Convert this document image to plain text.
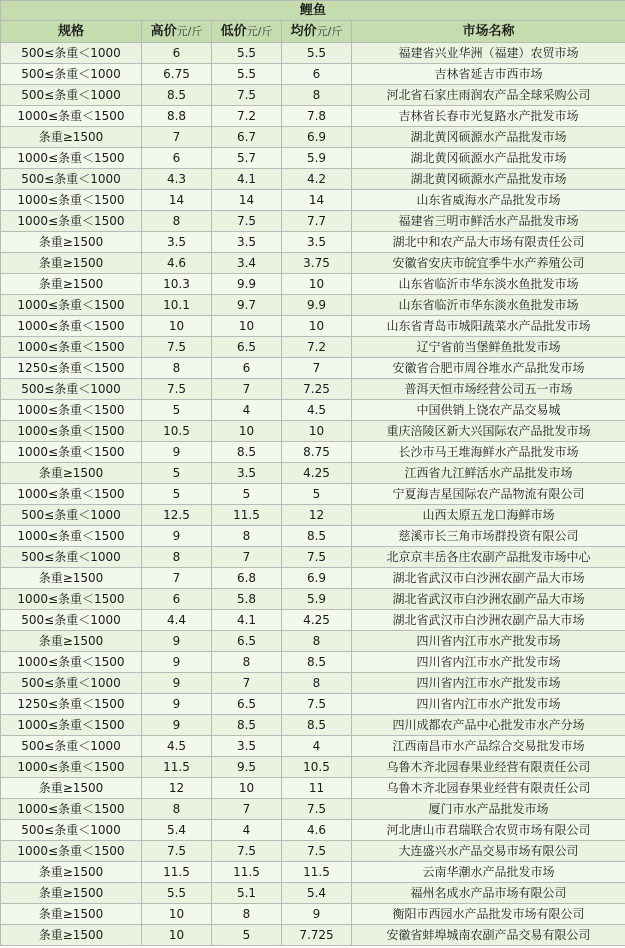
鲤鱼				
规格	高价元/斤	低价元/斤	均价元/斤	市场名称
500≤条重＜1000	6	5.5	5.5	福建省兴业华洲（福建）农贸市场
500≤条重＜1000	6.75	5.5	6	吉林省延吉市西市场
500≤条重＜1000	8.5	7.5	8	河北省石家庄雨润农产品全球采购公司
1000≤条重＜1500	8.8	7.2	7.8	吉林省长春市光复路水产批发市场
条重≥1500	7	6.7	6.9	湖北黄冈硕源水产品批发市场
1000≤条重＜1500	6	5.7	5.9	湖北黄冈硕源水产品批发市场
500≤条重＜1000	4.3	4.1	4.2	湖北黄冈硕源水产品批发市场
1000≤条重＜1500	14	14	14	山东省威海水产品批发市场
1000≤条重＜1500	8	7.5	7.7	福建省三明市鲜活水产品批发市场
条重≥1500	3.5	3.5	3.5	湖北中和农产品大市场有限责任公司
条重≥1500	4.6	3.4	3.75	安徽省安庆市皖宜季牛水产养殖公司
条重≥1500	10.3	9.9	10	山东省临沂市华东淡水鱼批发市场
1000≤条重＜1500	10.1	9.7	9.9	山东省临沂市华东淡水鱼批发市场
1000≤条重＜1500	10	10	10	山东省青岛市城阳蔬菜水产品批发市场
1000≤条重＜1500	7.5	6.5	7.2	辽宁省前当堡鲜鱼批发市场
1250≤条重＜1500	8	6	7	安徽省合肥市周谷堆水产品批发市场
500≤条重＜1000	7.5	7	7.25	普洱天恒市场经营公司五一市场
1000≤条重＜1500	5	4	4.5	中国供销上饶农产品交易城
1000≤条重＜1500	10.5	10	10	重庆涪陵区新大兴国际农产品批发市场
1000≤条重＜1500	9	8.5	8.75	长沙市马王堆海鲜水产品批发市场
条重≥1500	5	3.5	4.25	江西省九江鲜活水产品批发市场
1000≤条重＜1500	5	5	5	宁夏海吉星国际农产品物流有限公司
500≤条重＜1000	12.5	11.5	12	山西太原五龙口海鲜市场
1000≤条重＜1500	9	8	8.5	慈溪市长三角市场群投资有限公司
500≤条重＜1000	8	7	7.5	北京京丰岳各庄农副产品批发市场中心
条重≥1500	7	6.8	6.9	湖北省武汉市白沙洲农副产品大市场
1000≤条重＜1500	6	5.8	5.9	湖北省武汉市白沙洲农副产品大市场
500≤条重＜1000	4.4	4.1	4.25	湖北省武汉市白沙洲农副产品大市场
条重≥1500	9	6.5	8	四川省内江市水产批发市场
1000≤条重＜1500	9	8	8.5	四川省内江市水产批发市场
500≤条重＜1000	9	7	8	四川省内江市水产批发市场
1250≤条重＜1500	9	6.5	7.5	四川省内江市水产批发市场
1000≤条重＜1500	9	8.5	8.5	四川成都农产品中心批发市水产分场
500≤条重＜1000	4.5	3.5	4	江西南昌市水产品综合交易批发市场
1000≤条重＜1500	11.5	9.5	10.5	乌鲁木齐北园春果业经营有限责任公司
条重≥1500	12	10	11	乌鲁木齐北园春果业经营有限责任公司
1000≤条重＜1500	8	7	7.5	厦门市水产品批发市场
500≤条重＜1000	5.4	4	4.6	河北唐山市君瑞联合农贸市场有限公司
1000≤条重＜1500	7.5	7.5	7.5	大连盛兴水产品交易市场有限公司
条重≥1500	11.5	11.5	11.5	云南华潮水产品批发市场
条重≥1500	5.5	5.1	5.4	福州名成水产品市场有限公司
条重≥1500	10	8	9	衡阳市西园水产品批发市场有限公司
条重≥1500	10	5	7.725	安徽省蚌埠城南农副产品交易有限公司
